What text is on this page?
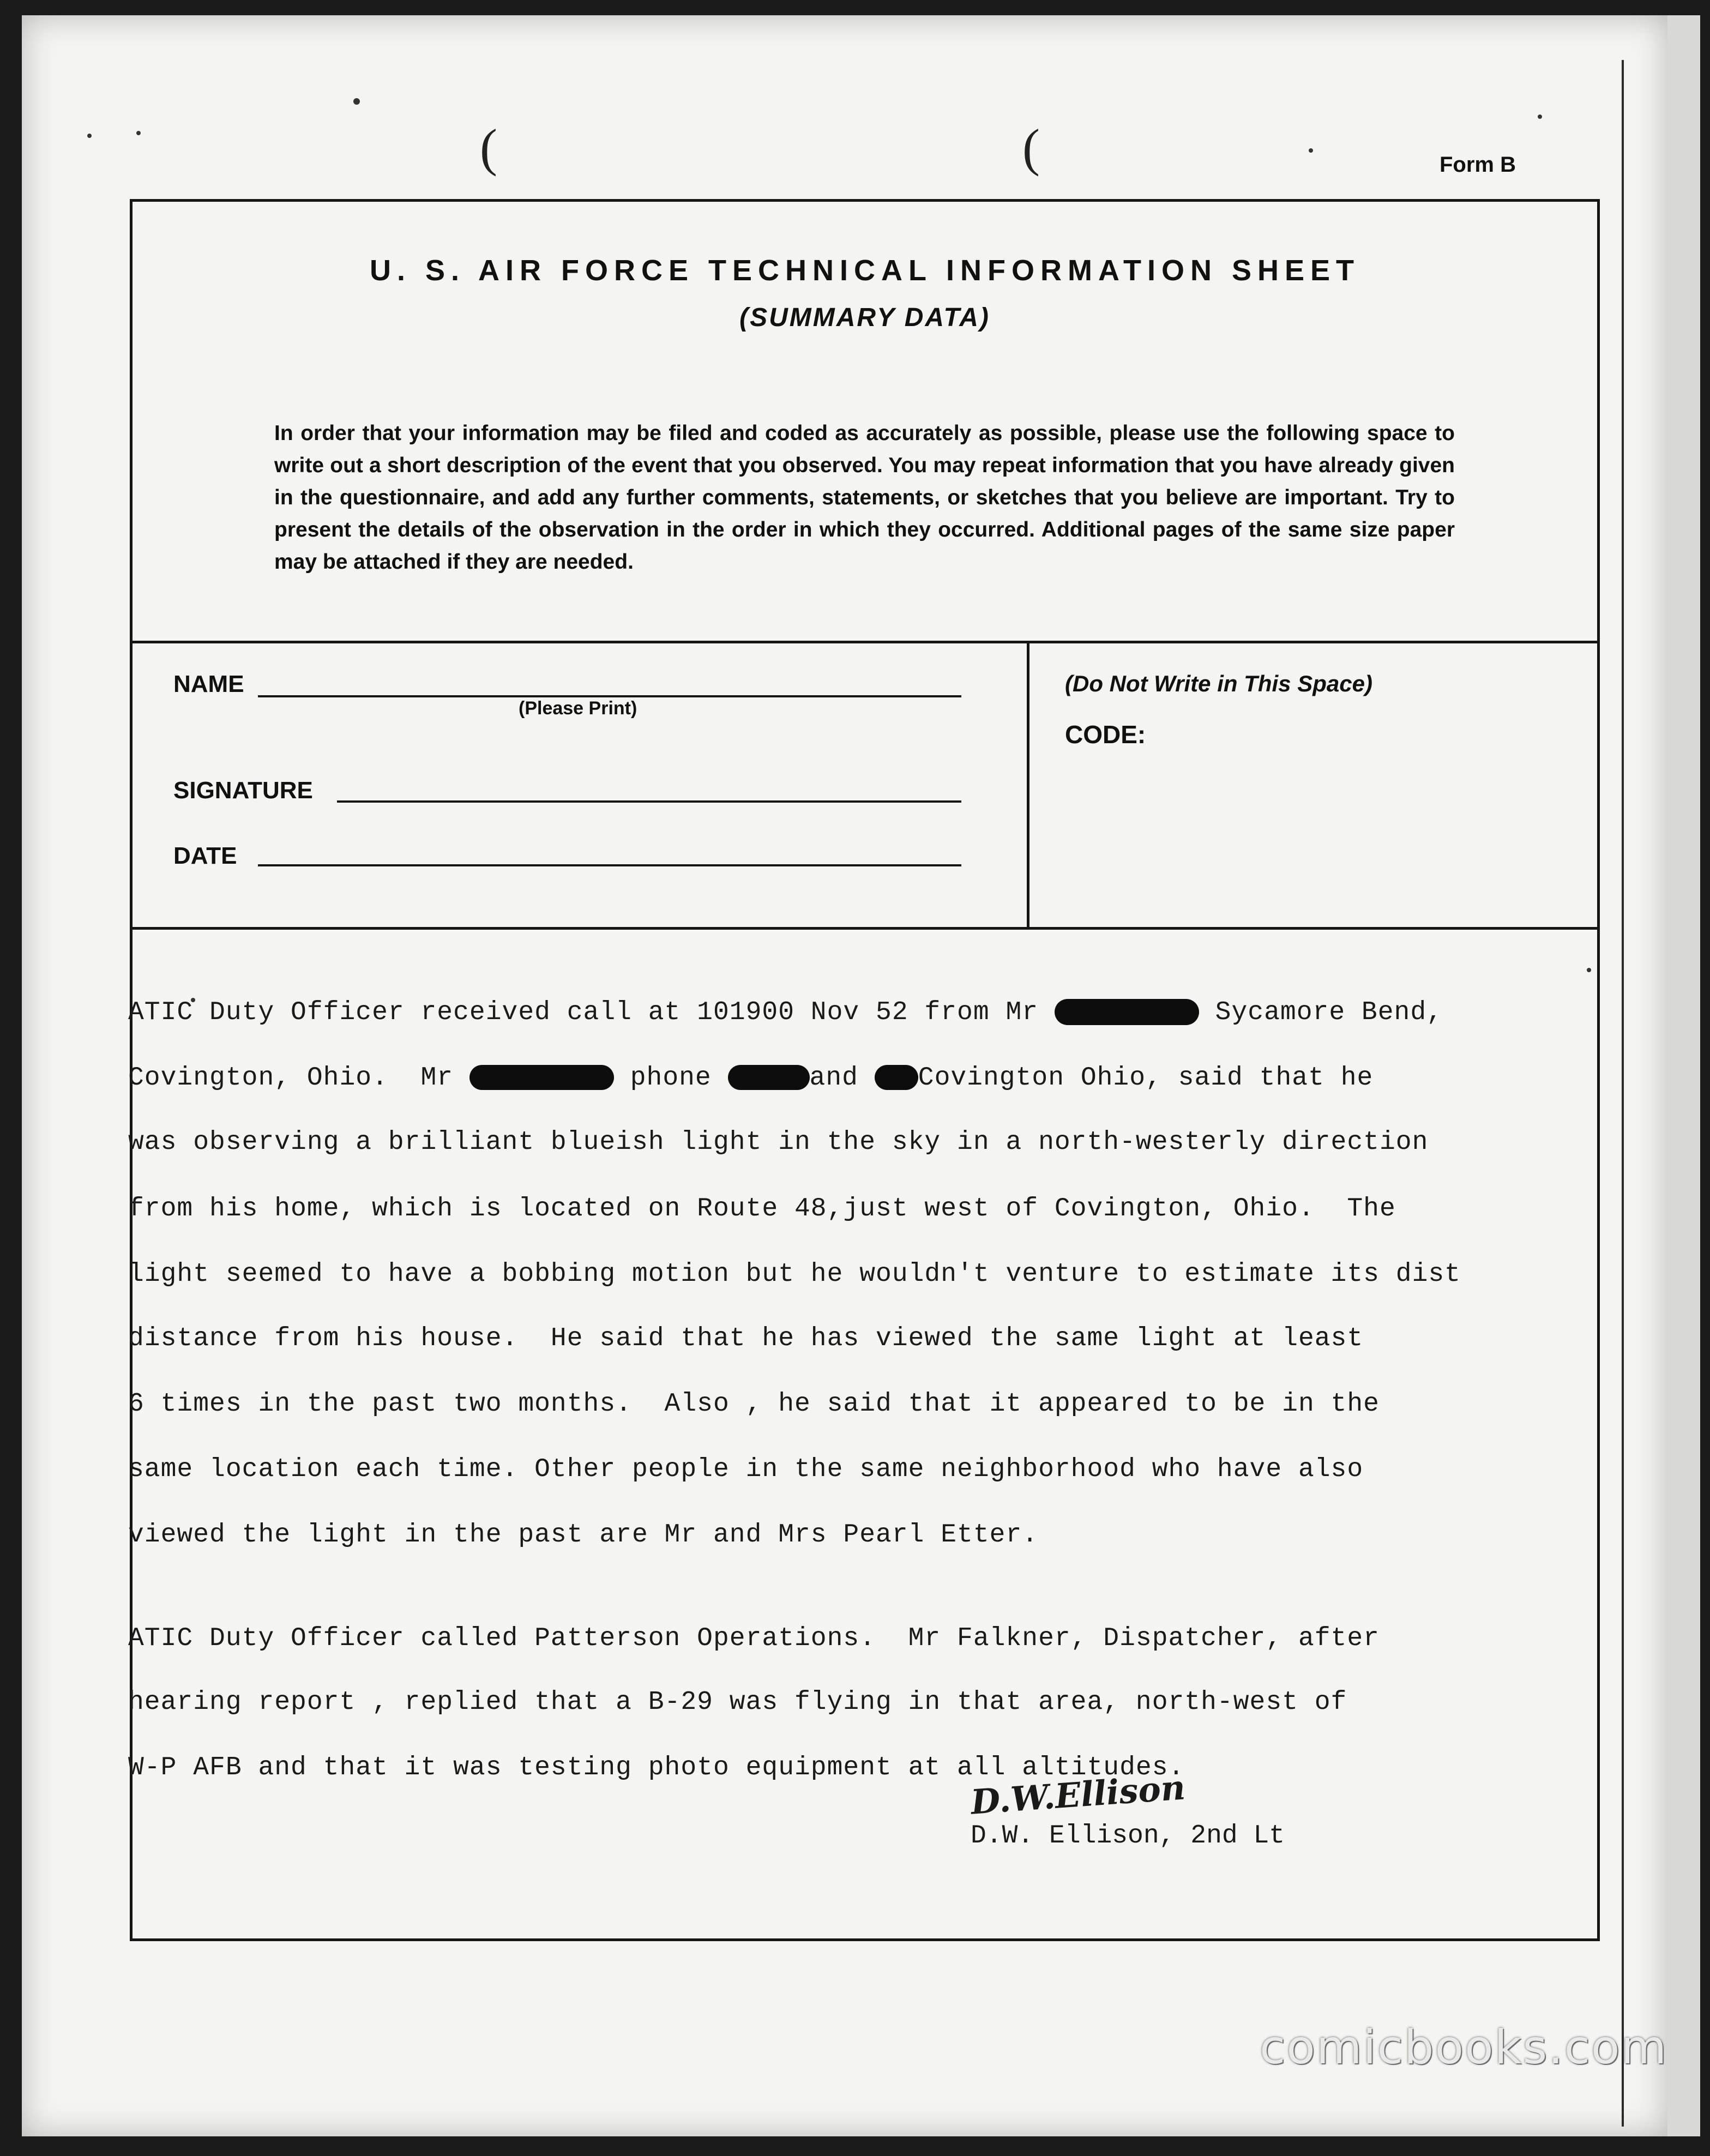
(	(	Form B
U. S. AIR FORCE TECHNICAL INFORMATION SHEET
(SUMMARY DATA)
In order that your information may be filed and coded as accurately as possible, please use the following space to write out a short description of the event that you observed. You may repeat information that you have already given in the questionnaire, and add any further comments, statements, or sketches that you believe are important. Try to present the details of the observation in the order in which they occurred. Additional pages of the same size paper may be attached if they are needed.
NAME
(Please Print)
SIGNATURE
DATE
(Do Not Write in This Space)
CODE:
ATIC Duty Officer received call at 101900 Nov 52 from Mr	Sycamore Bend,
Covington, Ohio.  Mr	phone	and Covington Ohio, said that he
was observing a brilliant blueish light in the sky in a north-westerly direction
from his home, which is located on Route 48,just west of Covington, Ohio.  The
light seemed to have a bobbing motion but he wouldn't venture to estimate its dist
distance from his house.  He said that he has viewed the same light at least
6 times in the past two months.  Also , he said that it appeared to be in the
same location each time. Other people in the same neighborhood who have also
viewed the light in the past are Mr and Mrs Pearl Etter.
ATIC Duty Officer called Patterson Operations.  Mr Falkner, Dispatcher, after
hearing report , replied that a B-29 was flying in that area, north-west of
W-P AFB and that it was testing photo equipment at all altitudes.
D.W.Ellison
D.W. Ellison, 2nd Lt
comicbooks.com
